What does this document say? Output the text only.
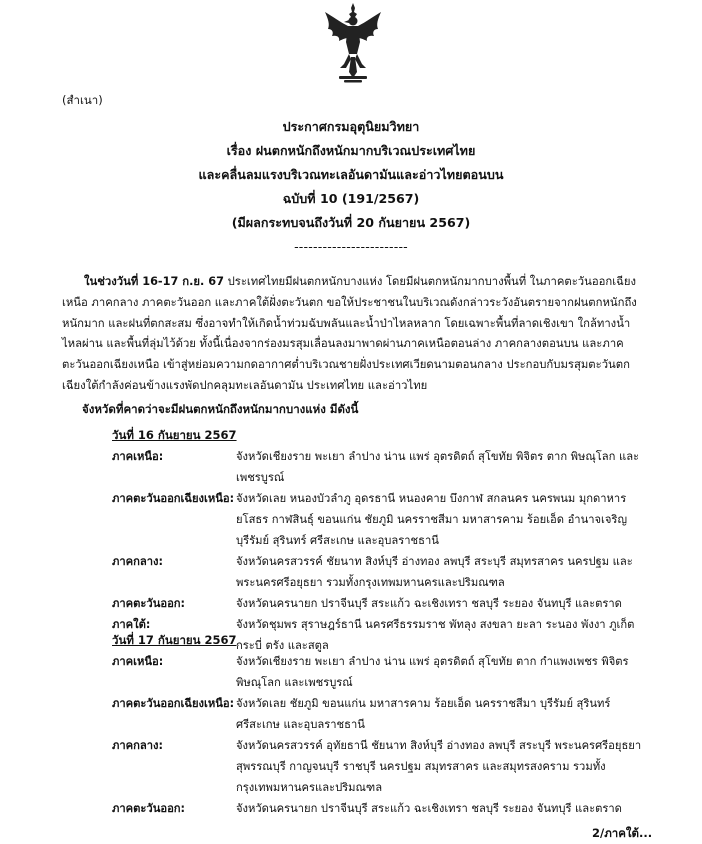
(สำเนา)
ประกาศกรมอุตุนิยมวิทยา
เรื่อง ฝนตกหนักถึงหนักมากบริเวณประเทศไทย
และคลื่นลมแรงบริเวณทะเลอันดามันและอ่าวไทยตอนบน
ฉบับที่ 10 (191/2567)
(มีผลกระทบจนถึงวันที่ 20 กันยายน 2567)
------------------------
ในช่วงวันที่ 16-17 ก.ย. 67 ประเทศไทยมีฝนตกหนักบางแห่ง โดยมีฝนตกหนักมากบางพื้นที่ ในภาคตะวันออกเฉียงเหนือ ภาคกลาง ภาคตะวันออก และภาคใต้ฝั่งตะวันตก ขอให้ประชาชนในบริเวณดังกล่าวระวังอันตรายจากฝนตกหนักถึงหนักมาก และฝนที่ตกสะสม ซึ่งอาจทำให้เกิดน้ำท่วมฉับพลันและน้ำป่าไหลหลาก โดยเฉพาะพื้นที่ลาดเชิงเขา ใกล้ทางน้ำไหลผ่าน และพื้นที่ลุ่มไว้ด้วย ทั้งนี้เนื่องจากร่องมรสุมเลื่อนลงมาพาดผ่านภาคเหนือตอนล่าง ภาคกลางตอนบน และภาคตะวันออกเฉียงเหนือ เข้าสู่หย่อมความกดอากาศต่ำบริเวณชายฝั่งประเทศเวียดนามตอนกลาง ประกอบกับมรสุมตะวันตกเฉียงใต้กำลังค่อนข้างแรงพัดปกคลุมทะเลอันดามัน ประเทศไทย และอ่าวไทย
จังหวัดที่คาดว่าจะมีฝนตกหนักถึงหนักมากบางแห่ง มีดังนี้
วันที่ 16 กันยายน 2567
ภาคเหนือ:	จังหวัดเชียงราย พะเยา ลำปาง น่าน แพร่ อุตรดิตถ์ สุโขทัย พิจิตร ตาก พิษณุโลก และเพชรบูรณ์
ภาคตะวันออกเฉียงเหนือ: จังหวัดเลย หนองบัวลำภู อุดรธานี หนองคาย บึงกาฬ สกลนคร นครพนม มุกดาหาร ยโสธร กาฬสินธุ์ ขอนแก่น ชัยภูมิ นครราชสีมา มหาสารคาม ร้อยเอ็ด อำนาจเจริญ บุรีรัมย์ สุรินทร์ ศรีสะเกษ และอุบลราชธานี
ภาคกลาง:	จังหวัดนครสวรรค์ ชัยนาท สิงห์บุรี อ่างทอง ลพบุรี สระบุรี สมุทรสาคร นครปฐม และพระนครศรีอยุธยา รวมทั้งกรุงเทพมหานครและปริมณฑล
ภาคตะวันออก:	จังหวัดนครนายก ปราจีนบุรี สระแก้ว ฉะเชิงเทรา ชลบุรี ระยอง จันทบุรี และตราด
ภาคใต้:	จังหวัดชุมพร สุราษฎร์ธานี นครศรีธรรมราช พัทลุง สงขลา ยะลา ระนอง พังงา ภูเก็ต กระบี่ ตรัง และสตูล
วันที่ 17 กันยายน 2567
ภาคเหนือ:	จังหวัดเชียงราย พะเยา ลำปาง น่าน แพร่ อุตรดิตถ์ สุโขทัย ตาก กำแพงเพชร พิจิตร พิษณุโลก และเพชรบูรณ์
ภาคตะวันออกเฉียงเหนือ: จังหวัดเลย ชัยภูมิ ขอนแก่น มหาสารคาม ร้อยเอ็ด นครราชสีมา บุรีรัมย์ สุรินทร์ ศรีสะเกษ และอุบลราชธานี
ภาคกลาง:	จังหวัดนครสวรรค์ อุทัยธานี ชัยนาท สิงห์บุรี อ่างทอง ลพบุรี สระบุรี พระนครศรีอยุธยา สุพรรณบุรี กาญจนบุรี ราชบุรี นครปฐม สมุทรสาคร และสมุทรสงคราม รวมทั้งกรุงเทพมหานครและปริมณฑล
ภาคตะวันออก:	จังหวัดนครนายก ปราจีนบุรี สระแก้ว ฉะเชิงเทรา ชลบุรี ระยอง จันทบุรี และตราด
2/ภาคใต้...
